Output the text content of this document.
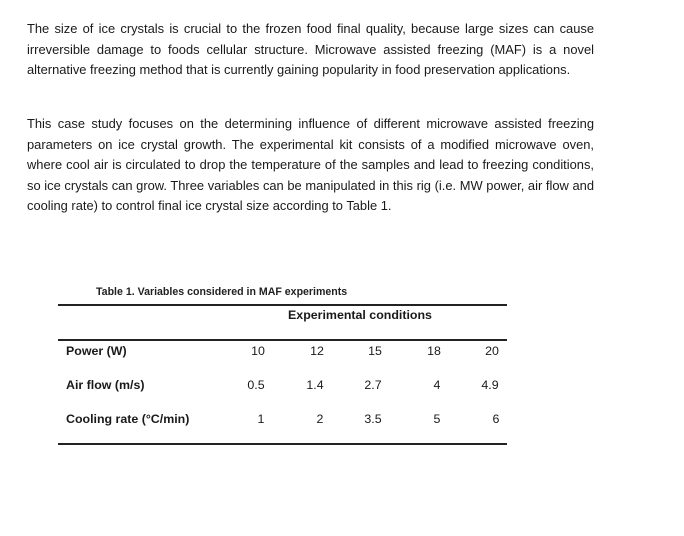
The size of ice crystals is crucial to the frozen food final quality, because large sizes can cause irreversible damage to foods cellular structure. Microwave assisted freezing (MAF) is a novel alternative freezing method that is currently gaining popularity in food preservation applications.

This case study focuses on the determining influence of different microwave assisted freezing parameters on ice crystal growth. The experimental kit consists of a modified microwave oven, where cool air is circulated to drop the temperature of the samples and lead to freezing conditions, so ice crystals can grow. Three variables can be manipulated in this rig (i.e. MW power, air flow and cooling rate) to control final ice crystal size according to Table 1.

Table 1. Variables considered in MAF experiments
Experimental conditions
Power (W)	10	12	15	18	20
Air flow (m/s)	0.5	1.4	2.7	4	4.9
Cooling rate (°C/min)	1	2	3.5	5	6
